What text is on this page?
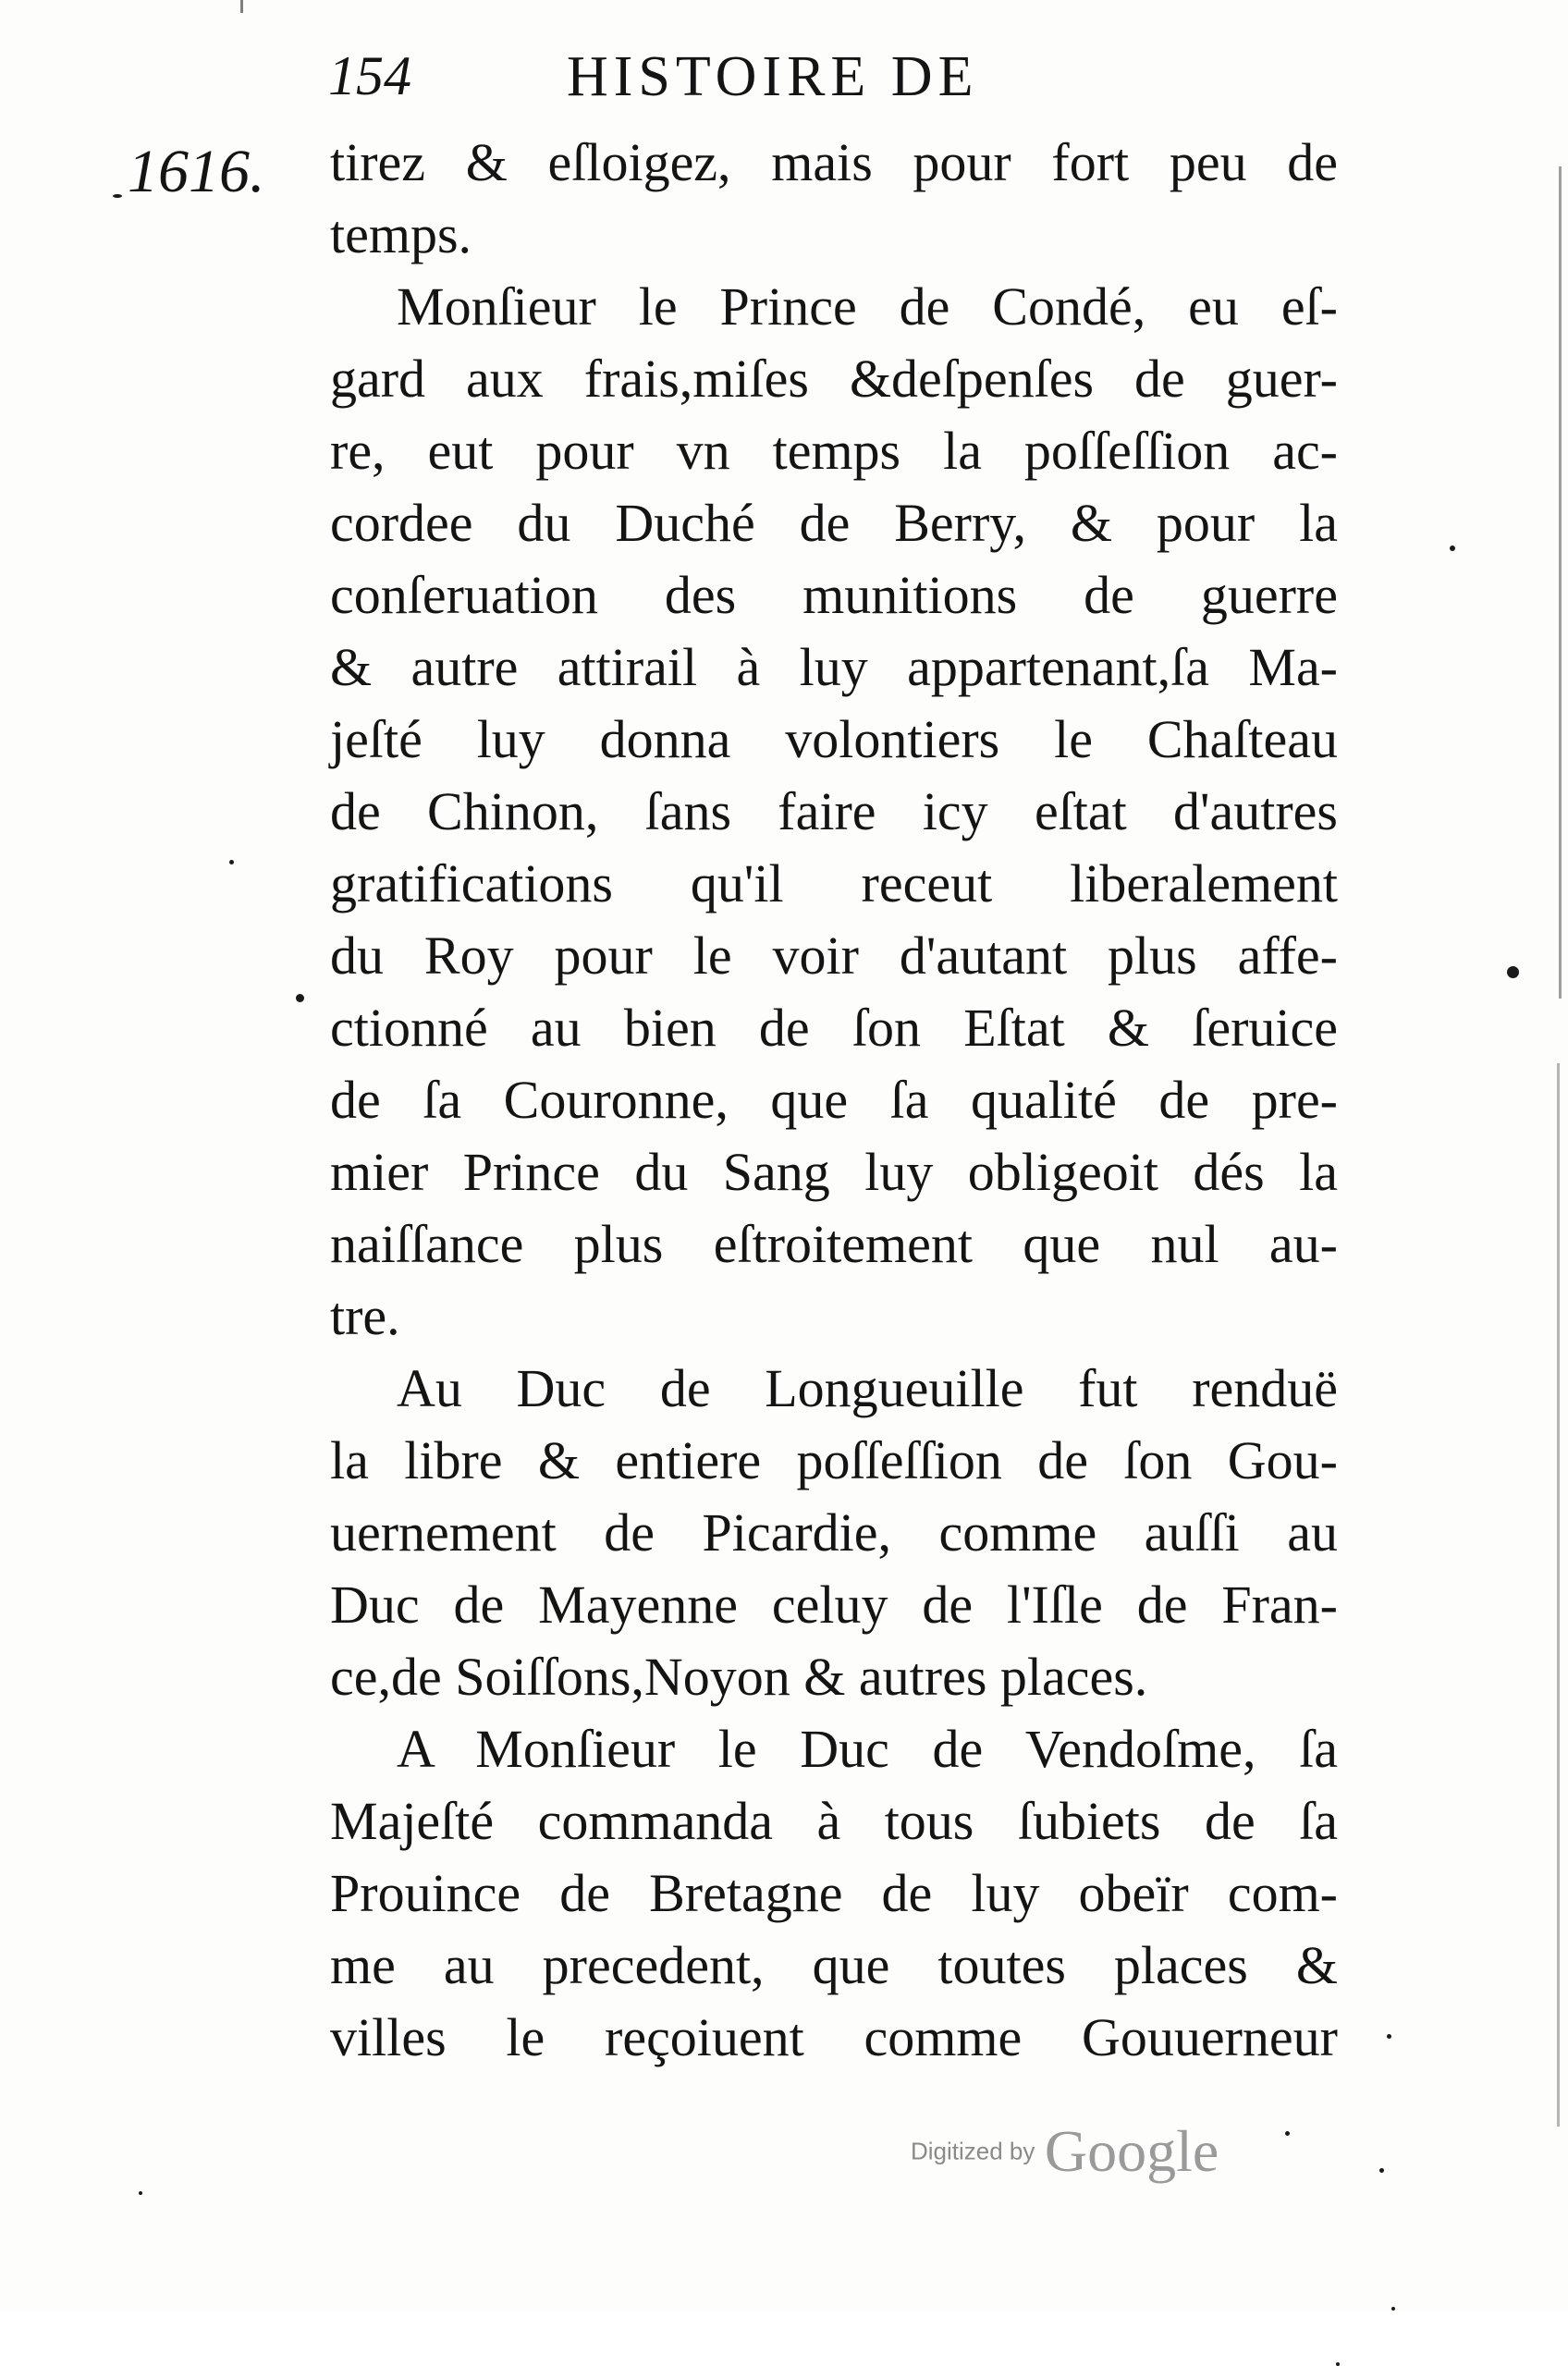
154	HISTOIRE DE
1616. tirez & eſloigez, mais pour fort peu de
temps.
Monſieur le Prince de Condé, eu eſ-
gard aux frais,miſes &deſpenſes de guer-
re, eut pour vn temps la poſſeſſion ac-
cordee du Duché de Berry, & pour la
conſeruation des munitions de guerre
& autre attirail à luy appartenant,ſa Ma-
jeſté luy donna volontiers le Chaſteau
de Chinon, ſans faire icy eſtat d'autres
gratifications qu'il receut liberalement
du Roy pour le voir d'autant plus affe-
ctionné au bien de ſon Eſtat & ſeruice
de ſa Couronne, que ſa qualité de pre-
mier Prince du Sang luy obligeoit dés la
naiſſance plus eſtroitement que nul au-
tre.
Au Duc de Longueuille fut renduë
la libre & entiere poſſeſſion de ſon Gou-
uernement de Picardie, comme auſſi au
Duc de Mayenne celuy de l'Iſle de Fran-
ce,de Soiſſons,Noyon & autres places.
A Monſieur le Duc de Vendoſme, ſa
Majeſté commanda à tous ſubiets de ſa
Prouince de Bretagne de luy obeïr com-
me au precedent, que toutes places &
villes le reçoiuent comme Gouuerneur
Digitized by Google
